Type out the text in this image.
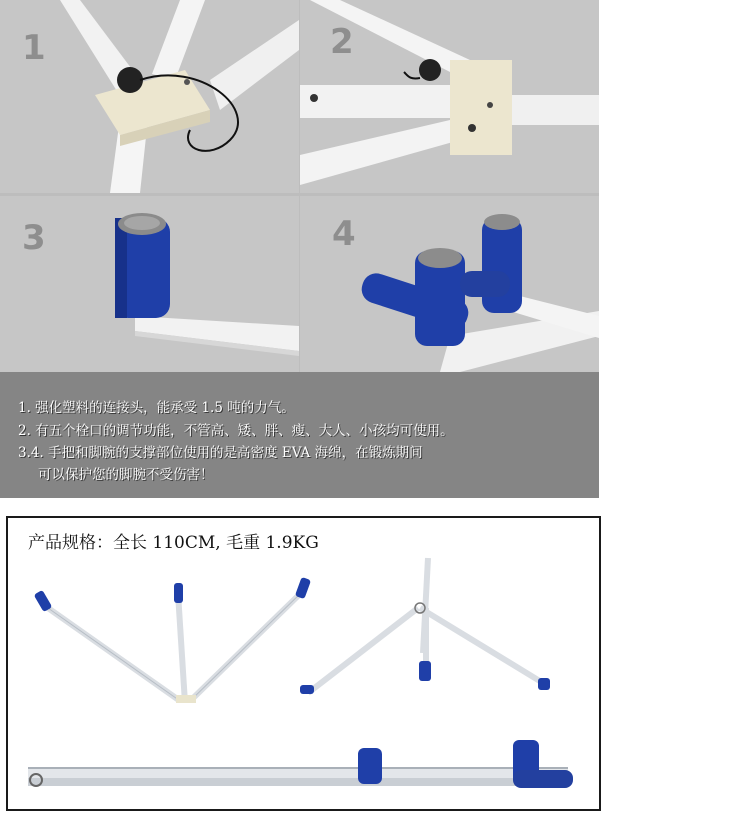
1	2
3	4
1. 强化塑料的连接头，能承受 1.5 吨的力气。
2. 有五个栓口的调节功能，不管高、矮、胖、瘦、大人、小孩均可使用。
3.4. 手把和脚腕的支撑部位使用的是高密度 EVA 海绵，在锻炼期间
可以保护您的脚腕不受伤害！
产品规格：全长 110CM, 毛重 1.9KG
